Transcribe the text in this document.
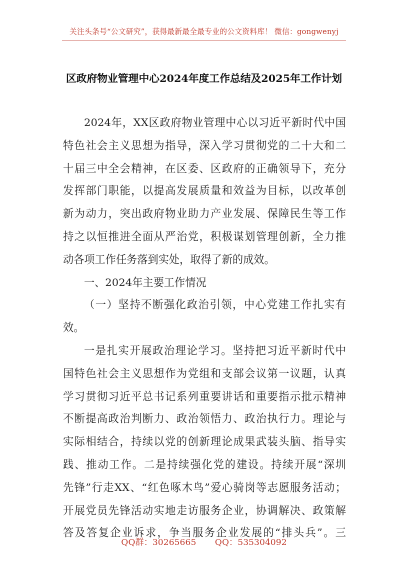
关注头条号“公文研究”，获得最新最全最专业的公文资料库！ 微信：gongwenyj
区政府物业管理中心2024年度工作总结及2025年工作计划
2024年，XX区政府物业管理中心以习近平新时代中国
特色社会主义思想为指导，深入学习贯彻党的二十大和二
十届三中全会精神，在区委、区政府的正确领导下，充分
发挥部门职能，以提高发展质量和效益为目标，以改革创
新为动力，突出政府物业助力产业发展、保障民生等工作
持之以恒推进全面从严治党，积极谋划管理创新，全力推
动各项工作任务落到实处，取得了新的成效。
一、2024年主要工作情况
（一）坚持不断强化政治引领，中心党建工作扎实有
效。
一是扎实开展政治理论学习。坚持把习近平新时代中
国特色社会主义思想作为党组和支部会议第一议题，认真
学习贯彻习近平总书记系列重要讲话和重要指示批示精神
不断提高政治判断力、政治领悟力、政治执行力。理论与
实际相结合，持续以党的创新理论成果武装头脑、指导实
践、推动工作。二是持续强化党的建设。持续开展“深圳
先锋”行走XX、“红色啄木鸟”爱心骑岗等志愿服务活动；
开展党员先锋活动实地走访服务企业，协调解决、政策解
答及答复企业诉求，争当服务企业发展的“排头兵”。三
QQ群：30265665 QQ：535304092
